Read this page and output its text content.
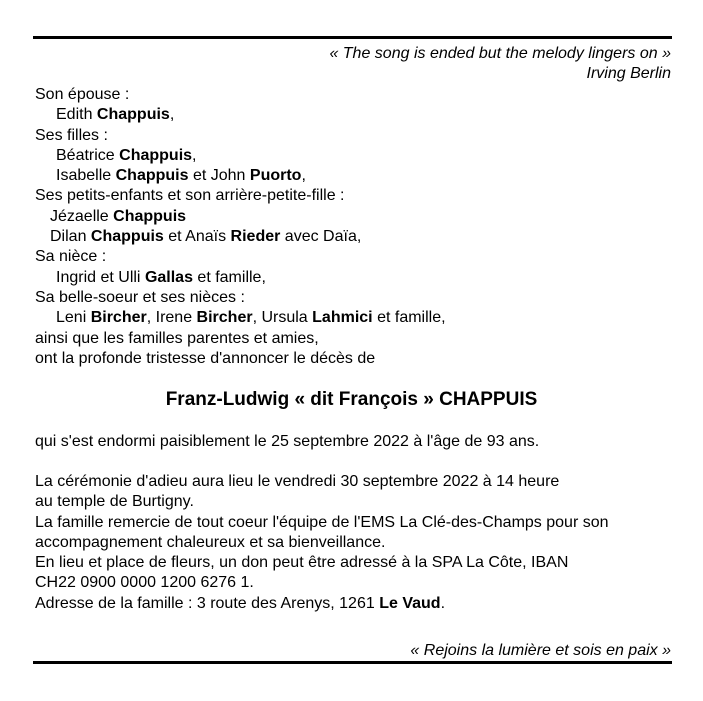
« The song is ended but the melody lingers on »
Irving Berlin
Son épouse :
Edith Chappuis,
Ses filles :
Béatrice Chappuis,
Isabelle Chappuis et John Puorto,
Ses petits-enfants et son arrière-petite-fille :
Jézaelle Chappuis
Dilan Chappuis et Anaïs Rieder avec Daïa,
Sa nièce :
Ingrid et Ulli Gallas et famille,
Sa belle-soeur et ses nièces :
Leni Bircher, Irene Bircher, Ursula Lahmici et famille,
ainsi que les familles parentes et amies,
ont la profonde tristesse d'annoncer le décès de
Franz-Ludwig « dit François » CHAPPUIS
qui s'est endormi paisiblement le 25 septembre 2022 à l'âge de 93 ans.
La cérémonie d'adieu aura lieu le vendredi 30 septembre 2022 à 14 heure
au temple de Burtigny.
La famille remercie de tout coeur l'équipe de l'EMS La Clé-des-Champs pour son
accompagnement chaleureux et sa bienveillance.
En lieu et place de fleurs, un don peut être adressé à la SPA La Côte, IBAN
CH22 0900 0000 1200 6276 1.
Adresse de la famille : 3 route des Arenys, 1261 Le Vaud.
« Rejoins la lumière et sois en paix »
